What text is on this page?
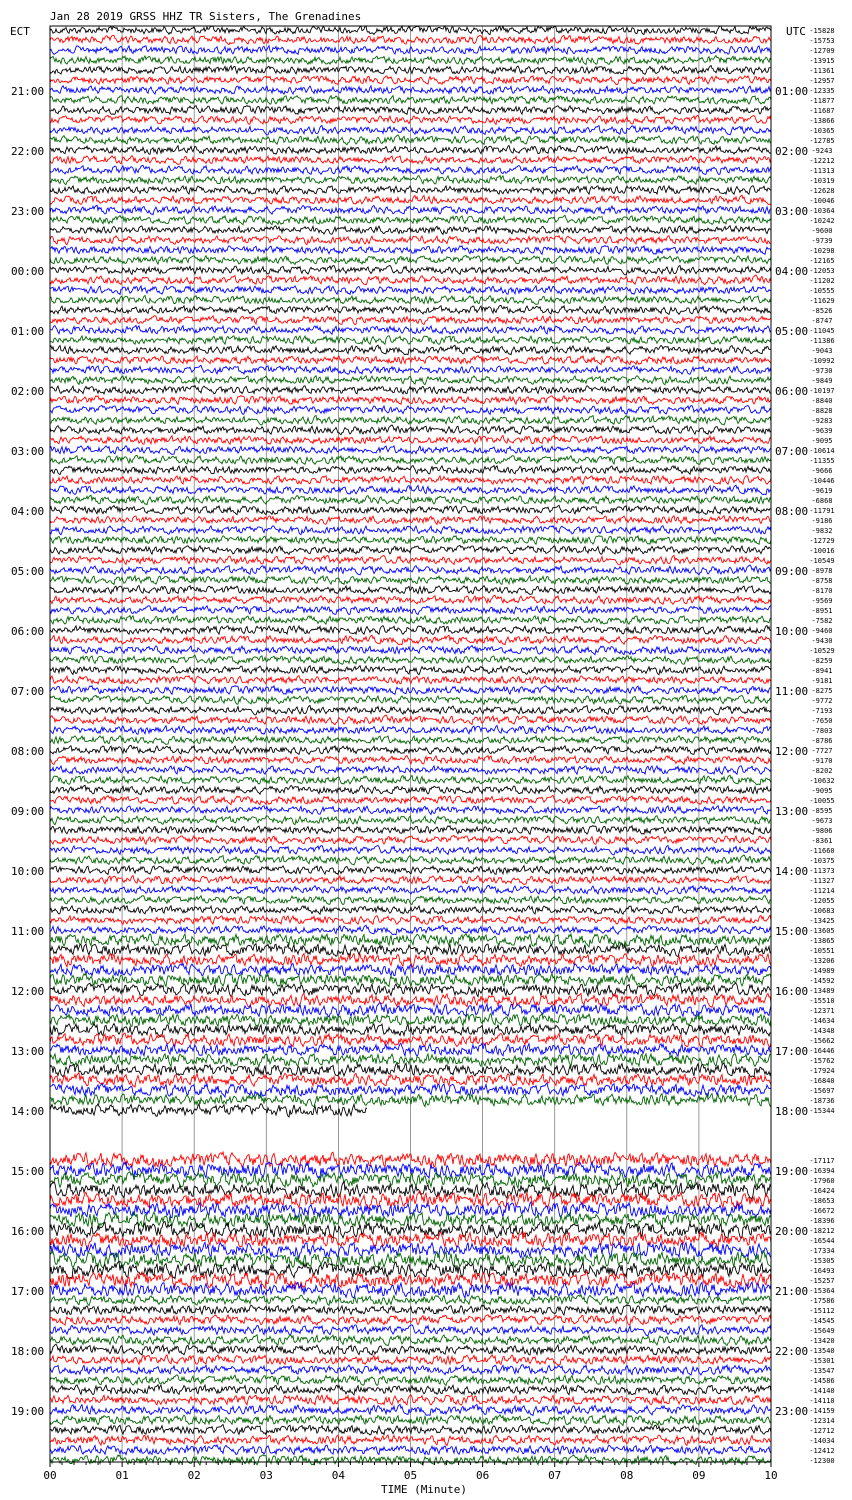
Jan 28 2019 GRSS HHZ TR Sisters, The Grenadines
ECT	UTC
21:00
22:00
23:00
00:00
01:00
02:00
03:00
04:00
05:00
06:00
07:00
08:00
09:00
10:00
11:00
12:00
13:00
14:00
15:00
16:00
17:00
18:00
19:00
01:00
02:00
03:00
04:00
05:00
06:00
07:00
08:00
09:00
10:00
11:00
12:00
13:00
14:00
15:00
16:00
17:00
18:00
19:00
20:00
21:00
22:00
23:00
-15828
-15753
-12709
-13915
-11361
-12957
-12335
-11877
-11687
-13866
-10365
-12785
-9243
-12212
-11313
-10319
-12628
-10046
-10364
-10242
-9600
-9739
-10298
-12165
-12053
-11202
-10555
-11629
-8526
-8747
-11045
-11386
-9043
-10992
-9730
-9849
-10197
-8840
-8828
-9283
-9639
-9095
-10614
-11355
-9666
-10446
-9619
-6868
-11791
-9186
-9832
-12729
-10016
-10549
-8978
-8758
-8170
-9569
-8951
-7582
-9460
-9430
-10529
-8259
-8941
-9181
-8275
-9772
-7193
-7650
-7803
-8786
-7727
-9170
-8202
-10632
-9095
-10055
-8595
-9673
-9806
-8361
-11660
-10375
-11373
-11327
-11214
-12055
-10683
-13425
-13605
-13865
-10551
-13206
-14989
-14592
-13489
-15510
-12371
-14634
-14348
-15662
-16446
-15762
-17924
-16840
-15697
-18736
-15344
-17117
-16394
-17960
-16424
-18653
-16672
-18396
-18212
-16544
-17334
-15305
-16493
-15257
-15364
-17586
-15112
-14545
-15649
-13420
-13540
-15301
-13547
-14586
-14140
-14110
-14159
-12314
-12712
-14034
-12412
-12300
00	01	02	03	04	05	06	07	08	09	10
TIME (Minute)
